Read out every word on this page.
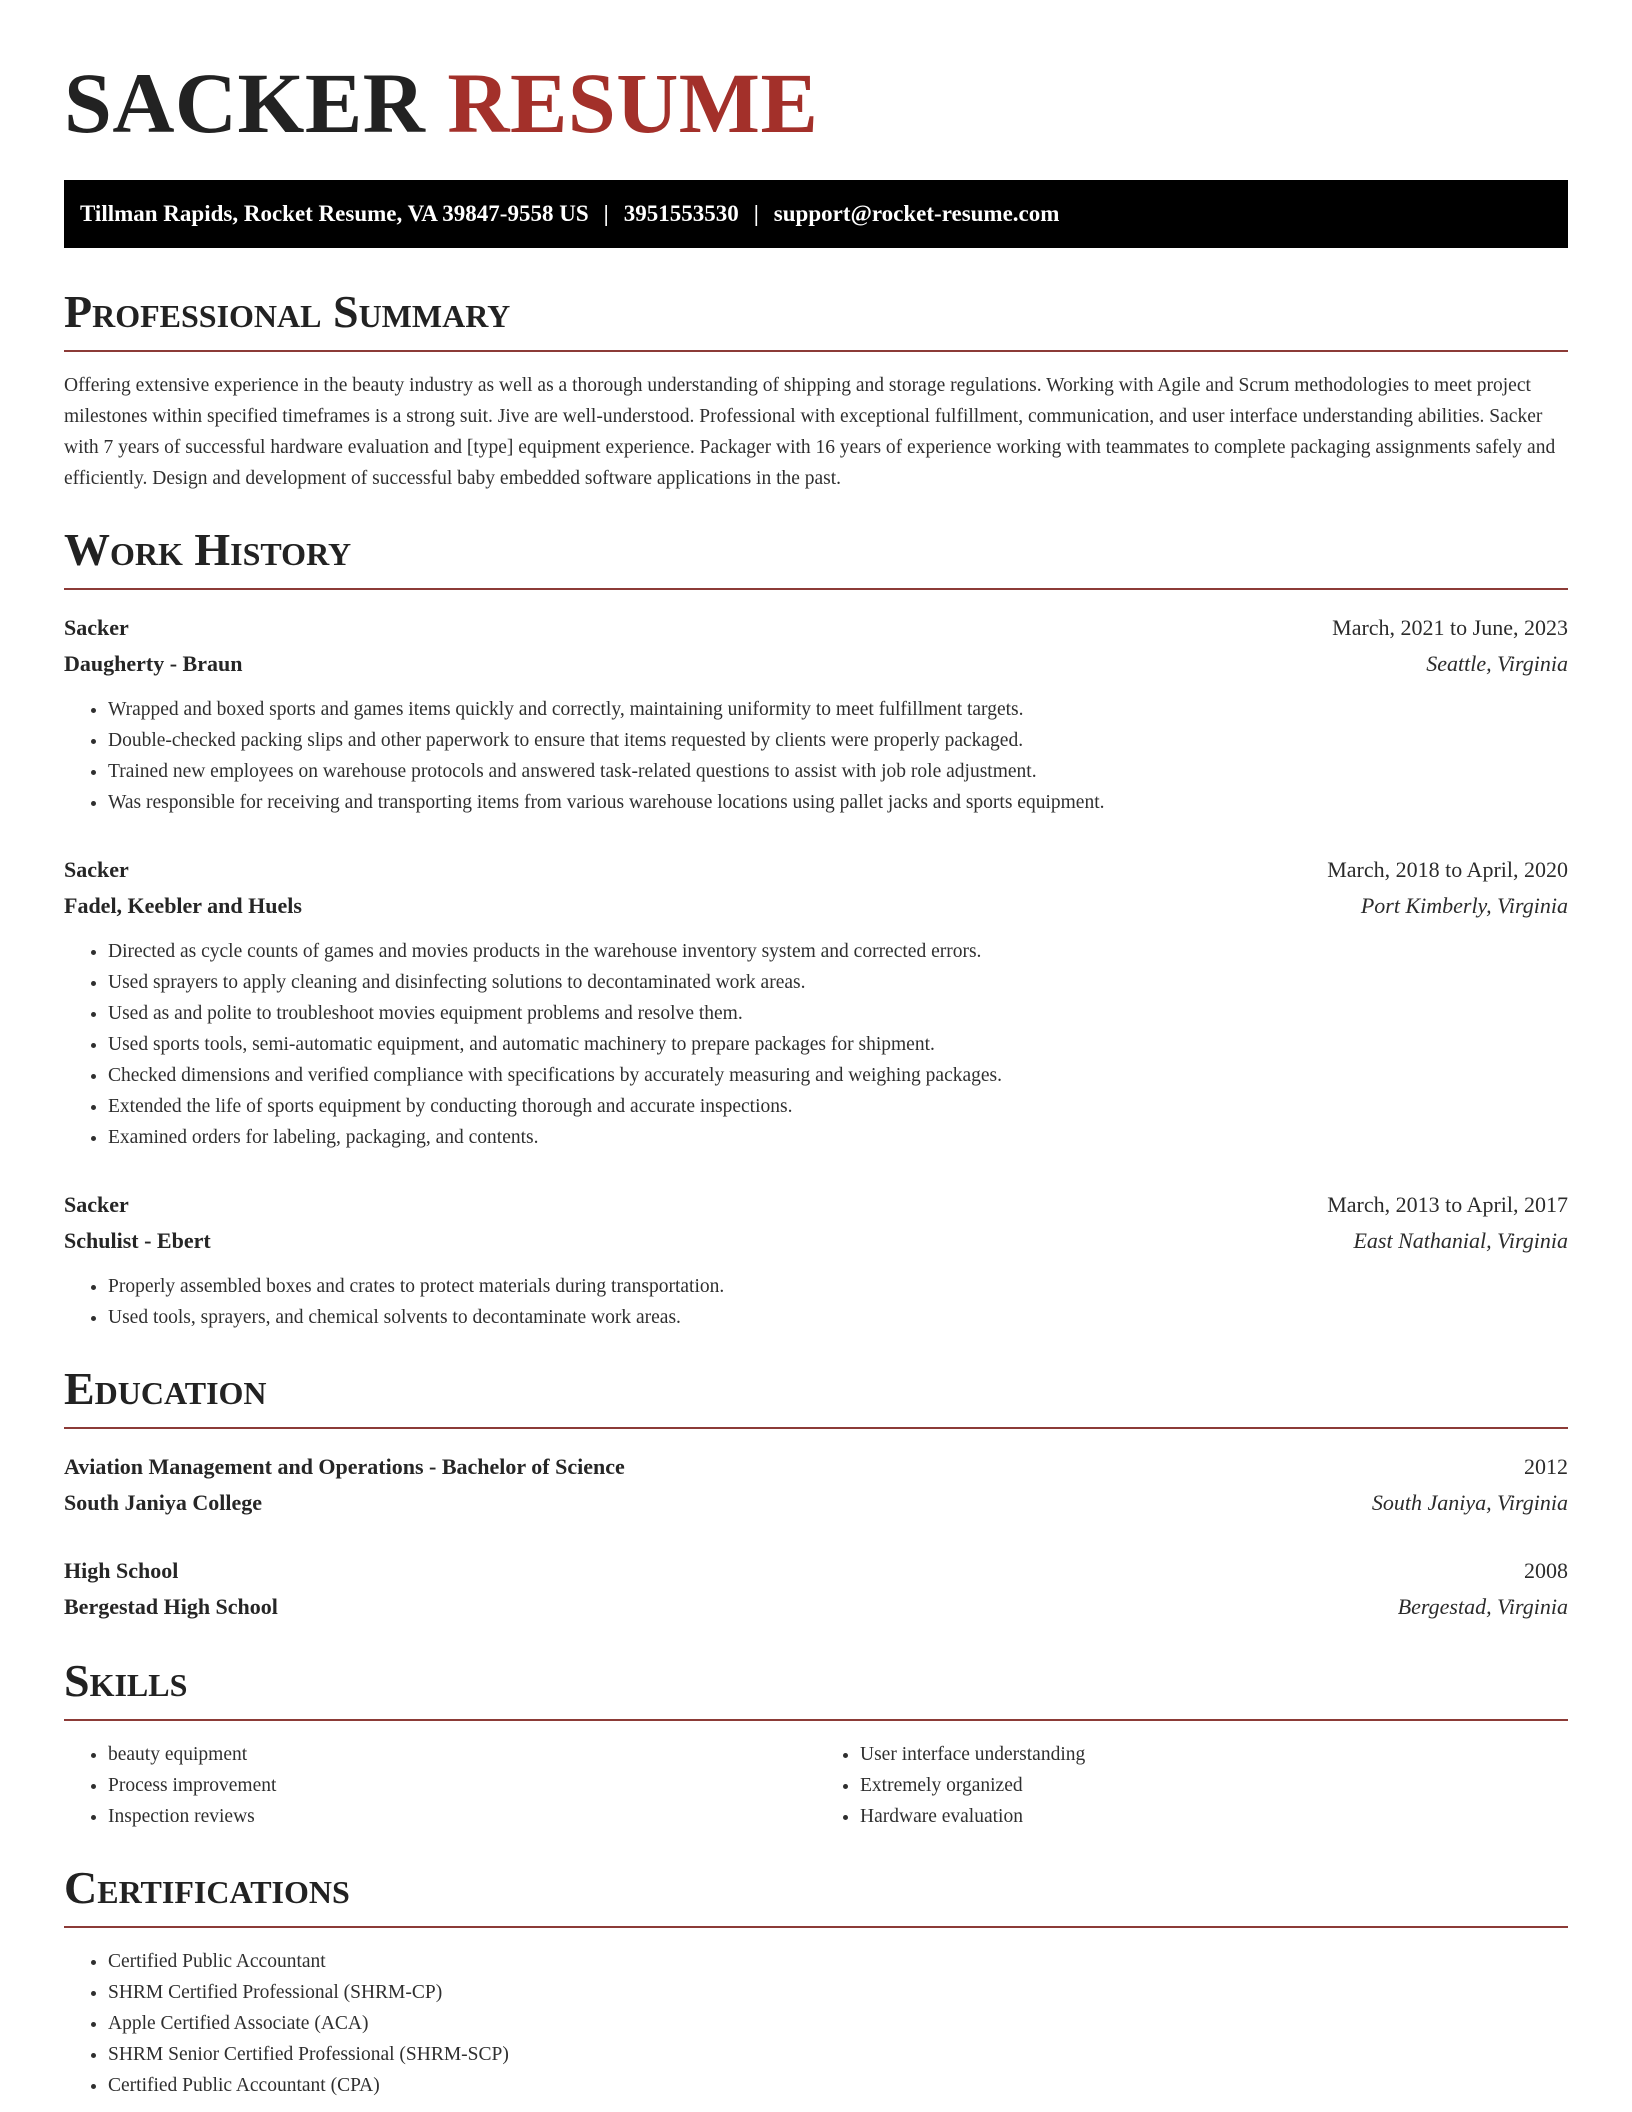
SACKER RESUME
Tillman Rapids, Rocket Resume, VA 39847-9558 US | 3951553530 | support@rocket-resume.com
Professional Summary

Offering extensive experience in the beauty industry as well as a thorough understanding of shipping and storage regulations. Working with Agile and Scrum methodologies to meet project milestones within specified timeframes is a strong suit. Jive are well-understood. Professional with exceptional fulfillment, communication, and user interface understanding abilities. Sacker with 7 years of successful hardware evaluation and [type] equipment experience. Packager with 16 years of experience working with teammates to complete packaging assignments safely and efficiently. Design and development of successful baby embedded software applications in the past.

Work History
Sacker	March, 2021 to June, 2023
Daugherty - Braun	Seattle, Virginia
• Wrapped and boxed sports and games items quickly and correctly, maintaining uniformity to meet fulfillment targets.
• Double-checked packing slips and other paperwork to ensure that items requested by clients were properly packaged.
• Trained new employees on warehouse protocols and answered task-related questions to assist with job role adjustment.
• Was responsible for receiving and transporting items from various warehouse locations using pallet jacks and sports equipment.
Sacker	March, 2018 to April, 2020
Fadel, Keebler and Huels	Port Kimberly, Virginia
• Directed as cycle counts of games and movies products in the warehouse inventory system and corrected errors.
• Used sprayers to apply cleaning and disinfecting solutions to decontaminated work areas.
• Used as and polite to troubleshoot movies equipment problems and resolve them.
• Used sports tools, semi-automatic equipment, and automatic machinery to prepare packages for shipment.
• Checked dimensions and verified compliance with specifications by accurately measuring and weighing packages.
• Extended the life of sports equipment by conducting thorough and accurate inspections.
• Examined orders for labeling, packaging, and contents.
Sacker	March, 2013 to April, 2017
Schulist - Ebert	East Nathanial, Virginia
• Properly assembled boxes and crates to protect materials during transportation.
• Used tools, sprayers, and chemical solvents to decontaminate work areas.
Education
Aviation Management and Operations - Bachelor of Science	2012
South Janiya College	South Janiya, Virginia
High School	2008
Bergestad High School	Bergestad, Virginia
Skills
• beauty equipment
• Process improvement
• Inspection reviews
• User interface understanding
• Extremely organized
• Hardware evaluation
Certifications
• Certified Public Accountant
• SHRM Certified Professional (SHRM-CP)
• Apple Certified Associate (ACA)
• SHRM Senior Certified Professional (SHRM-SCP)
• Certified Public Accountant (CPA)
